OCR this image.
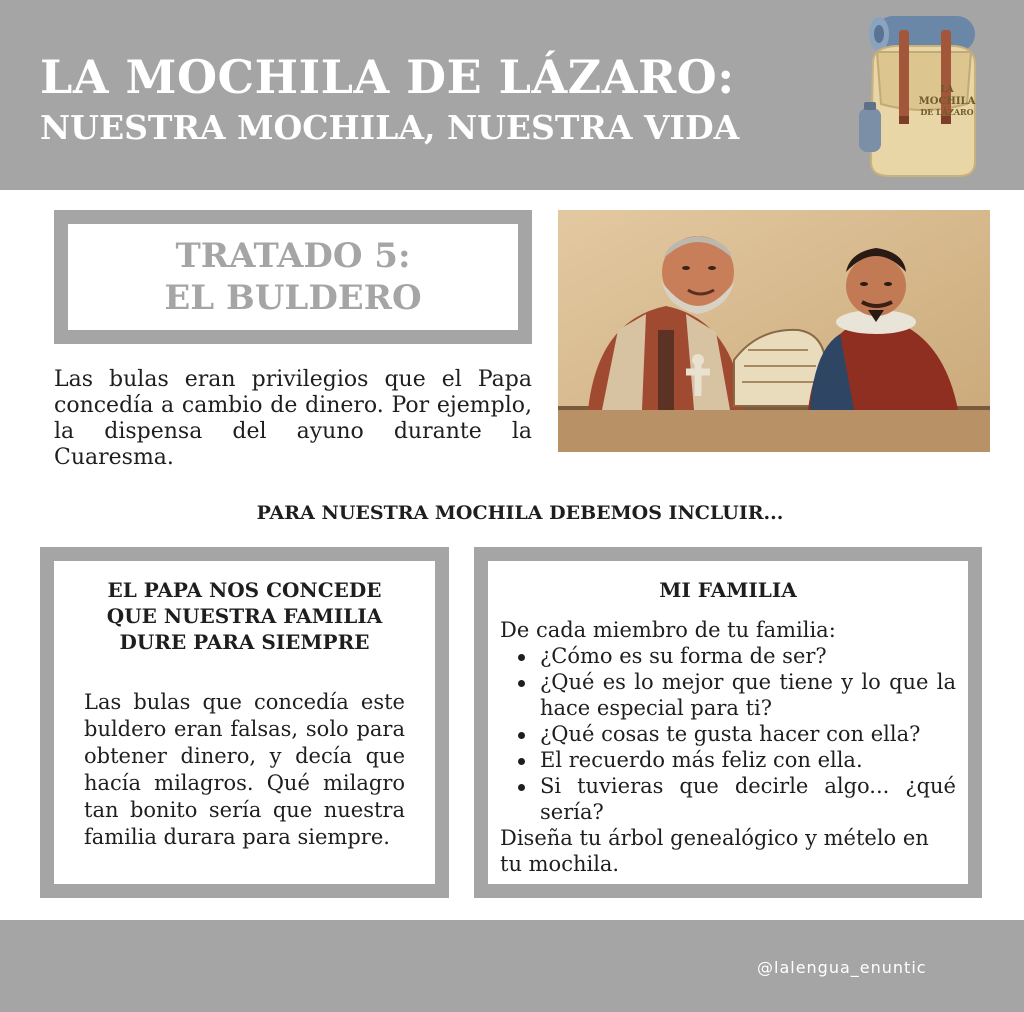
LA MOCHILA DE LÁZARO:
NUESTRA MOCHILA, NUESTRA VIDA
LA
MOCHILA
DE LÁZARO
TRATADO 5:
EL BULDERO
Las bulas eran privilegios que el Papa concedía a cambio de dinero. Por ejemplo, la dispensa del ayuno durante la Cuaresma.
PARA NUESTRA MOCHILA DEBEMOS INCLUIR...
EL PAPA NOS CONCEDE
QUE NUESTRA FAMILIA
DURE PARA SIEMPRE
Las bulas que concedía este buldero eran falsas, solo para obtener dinero, y decía que hacía milagros. Qué milagro tan bonito sería que nuestra familia durara para siempre.
MI FAMILIA
De cada miembro de tu familia:
¿Cómo es su forma de ser?
¿Qué es lo mejor que tiene y lo que la hace especial para ti?
¿Qué cosas te gusta hacer con ella?
El recuerdo más feliz con ella.
Si tuvieras que decirle algo... ¿qué sería?
Diseña tu árbol genealógico y mételo en tu mochila.
@lalengua_enuntic
